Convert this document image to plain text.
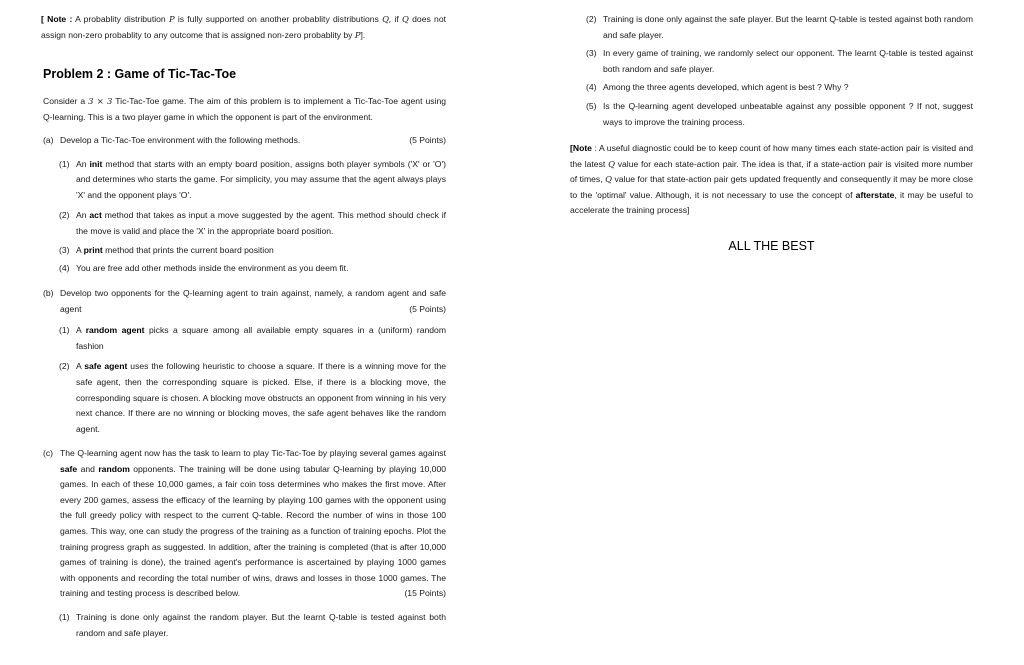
[ Note : A probablity distribution P is fully supported on another probablity distributions Q, if Q does not assign non-zero probablity to any outcome that is assigned non-zero probablity by P].

Problem 2 : Game of Tic-Tac-Toe

Consider a 3 × 3 Tic-Tac-Toe game. The aim of this problem is to implement a Tic-Tac-Toe agent using Q-learning. This is a two player game in which the opponent is part of the environment.

(a) Develop a Tic-Tac-Toe environment with the following methods.	(5 Points)

(1) An init method that starts with an empty board position, assigns both player symbols ('X' or 'O') and determines who starts the game. For simplicity, you may assume that the agent always plays 'X' and the opponent plays 'O'.

(2) An act method that takes as input a move suggested by the agent. This method should check if the move is valid and place the 'X' in the appropriate board position.

(3) A print method that prints the current board position

(4) You are free add other methods inside the environment as you deem fit.

(b) Develop two opponents for the Q-learning agent to train against, namely, a random agent and safe agent	(5 Points)

(1) A random agent picks a square among all available empty squares in a (uniform) random fashion

(2) A safe agent uses the following heuristic to choose a square. If there is a winning move for the safe agent, then the corresponding square is picked. Else, if there is a blocking move, the corresponding square is chosen. A blocking move obstructs an opponent from winning in his very next chance. If there are no winning or blocking moves, the safe agent behaves like the random agent.

(c) The Q-learning agent now has the task to learn to play Tic-Tac-Toe by playing several games against safe and random opponents. The training will be done using tabular Q-learning by playing 10,000 games. In each of these 10,000 games, a fair coin toss determines who makes the first move. After every 200 games, assess the efficacy of the learning by playing 100 games with the opponent using the full greedy policy with respect to the current Q-table. Record the number of wins in those 100 games. This way, one can study the progress of the training as a function of training epochs. Plot the training progress graph as suggested. In addition, after the training is completed (that is after 10,000 games of training is done), the trained agent's performance is ascertained by playing 1000 games with opponents and recording the total number of wins, draws and losses in those 1000 games. The training and testing process is described below.	(15 Points)

(1) Training is done only against the random player. But the learnt Q-table is tested against both random and safe player.

(2) Training is done only against the safe player. But the learnt Q-table is tested against both random and safe player.

(3) In every game of training, we randomly select our opponent. The learnt Q-table is tested against both random and safe player.

(4) Among the three agents developed, which agent is best ? Why ?

(5) Is the Q-learning agent developed unbeatable against any possible opponent ? If not, suggest ways to improve the training process.

[Note : A useful diagnostic could be to keep count of how many times each state-action pair is visited and the latest Q value for each state-action pair. The idea is that, if a state-action pair is visited more number of times, Q value for that state-action pair gets updated frequently and consequently it may be more close to the 'optimal' value. Although, it is not necessary to use the concept of afterstate, it may be useful to accelerate the training process]

ALL THE BEST
